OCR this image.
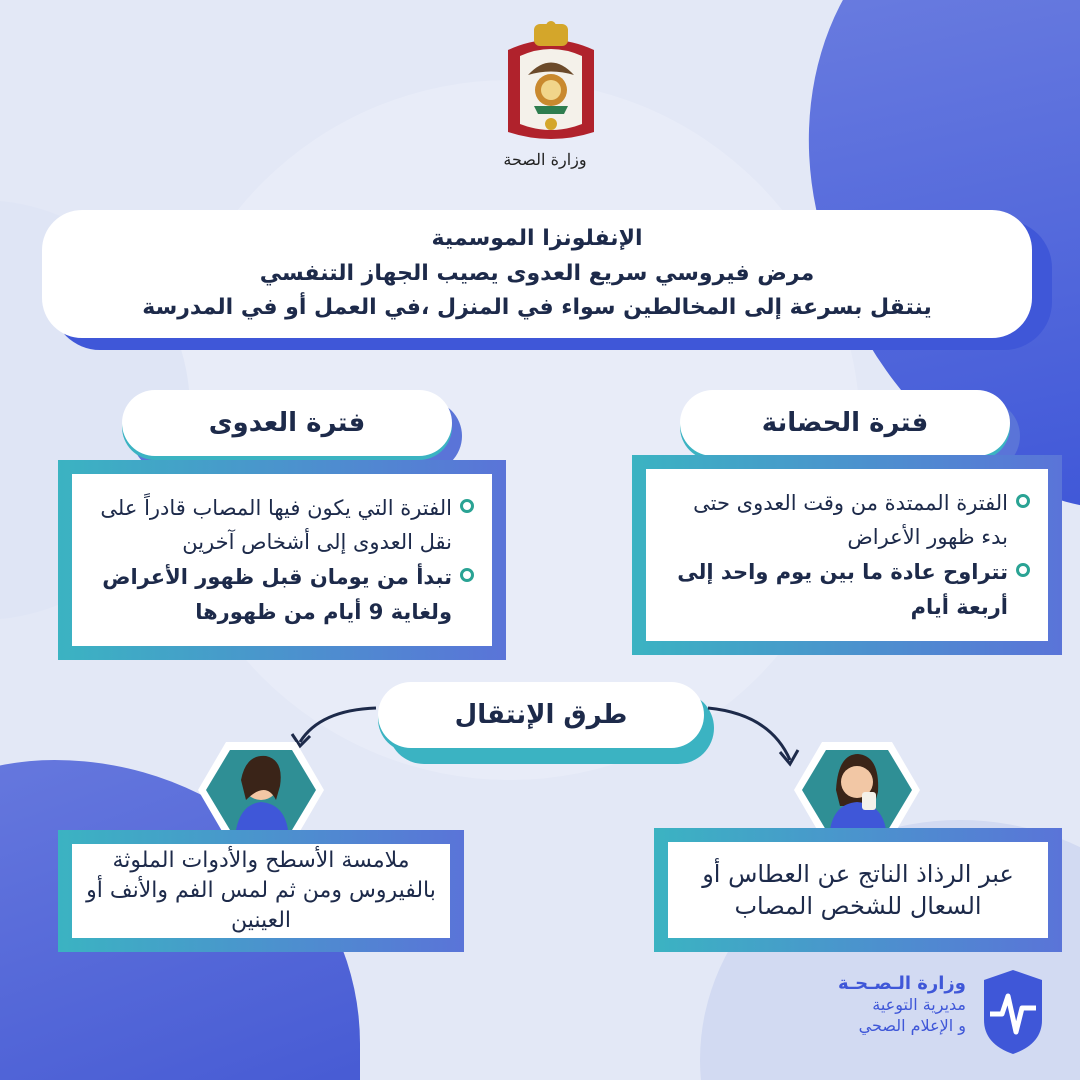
وزارة الصحة
الإنفلونزا الموسمية
مرض فيروسي سريع العدوى يصيب الجهاز التنفسي
ينتقل بسرعة إلى المخالطين سواء في المنزل ،في العمل أو في المدرسة
فترة الحضانة
الفترة الممتدة من وقت العدوى حتى بدء ظهور الأعراض
تتراوح عادة ما بين يوم واحد إلى أربعة أيام
فترة العدوى
الفترة التي يكون فيها المصاب قادراً على نقل العدوى إلى أشخاص آخرين
تبدأ من يومان قبل ظهور الأعراض ولغاية 9 أيام من ظهورها
طرق الإنتقال
ملامسة الأسطح والأدوات الملوثة بالفيروس ومن ثم لمس الفم والأنف أو العينين
عبر الرذاذ الناتج عن العطاس أو السعال للشخص المصاب
وزارة الـصـحـة
مديرية التوعية
و الإعلام الصحي
